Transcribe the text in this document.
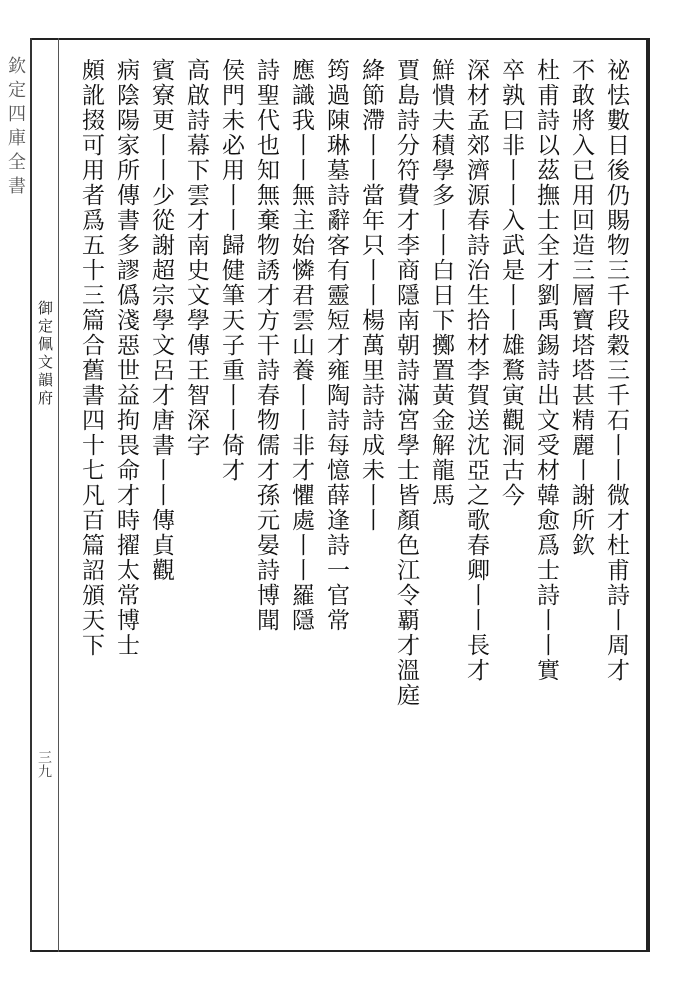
欽定四庫全書
御定佩文韻府
三九
祕怯數日後仍賜物三千段穀三千石丨丨微才杜甫詩丨周才
不敢將入已用回造三層寶塔塔甚精麗丨謝所欽
杜甫詩以茲撫士全才劉禹錫詩出文受材韓愈爲士詩丨丨實
卒孰曰非丨丨入武是丨丨雄鶩寅觀洞古今
深材孟郊濟源春詩治生拾材李賀送沈亞之歌春卿丨丨長才
鮮憒夫積學多丨丨白日下擲置黃金解龍馬
賈島詩分符費才李商隱南朝詩滿宮學士皆顏色江令覇才溫庭
絳節滯丨丨當年只丨丨楊萬里詩詩成未丨丨
筠過陳琳墓詩辭客有靈短才雍陶詩每憶薛逢詩一官常
應識我丨丨無主始憐君雲山養丨丨非才懼處丨丨羅隱
詩聖代也知無棄物誘才方干詩春物儒才孫元晏詩博聞
侯門未必用丨丨歸健筆天子重丨丨倚才
高啟詩幕下雲才南史文學傳王智深字
賓寮更丨丨少從謝超宗學文呂才唐書丨丨傳貞觀
病陰陽家所傳書多謬僞淺惡世益拘畏命才時擢太常博士
頗訛掇可用者爲五十三篇合舊書四十七凡百篇詔頒天下
